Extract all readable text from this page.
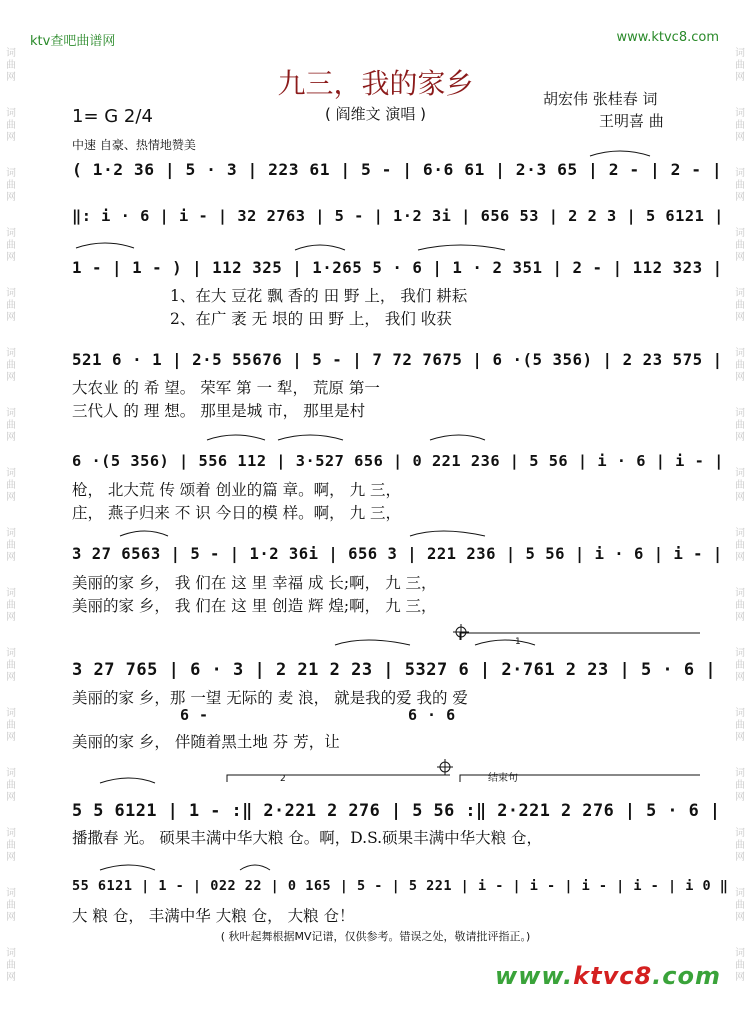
词
曲
网
词
曲
网
词
曲
网
词
曲
网
词
曲
网
词
曲
网
词
曲
网
词
曲
网
词
曲
网
词
曲
网
词
曲
网
词
曲
网
词
曲
网
词
曲
网
词
曲
网
词
曲
网
词
曲
网
词
曲
网
词
曲
网
词
曲
网
词
曲
网
词
曲
网
词
曲
网
词
曲
网
词
曲
网
词
曲
网
词
曲
网
词
曲
网
词
曲
网
词
曲
网
词
曲
网
词
曲
网
ktv查吧曲谱网	www.ktvc8.com
九三，我的家乡
( 阎维文 演唱 )
胡宏伟 张桂春 词
王明喜 曲
1= G 2/4
中速 自豪、热情地赞美
( 1·2 36 | 5 · 3 | 223 61 | 5 - | 6·6 61 | 2·3 65 | 2 - | 2 - |
‖: i · 6 | i - | 32 2763 | 5 - | 1·2 3i | 656 53 | 2 2 3 | 5 6121 |
1 - | 1 - ) | 112 325 | 1·265 5 · 6 | 1 · 2 351 | 2 - | 112 323 |
1、在大 豆花 飘 香的 田 野 上， 我们 耕耘
2、在广 袤 无 垠的 田 野 上， 我们 收获
521 6 · 1 | 2·5 55676 | 5 - | 7 72 7675 | 6 ·(5 356) | 2 23 575 |
大农业 的 希 望。 荣军 第 一 犁， 荒原 第一
三代人 的 理 想。 那里是城 市， 那里是村
6 ·(5 356) | 556 112 | 3·527 656 | 0 221 236 | 5 56 | i · 6 | i - |
枪， 北大荒 传 颂着 创业的篇 章。啊， 九 三，
庄， 燕子归来 不 识 今日的模 样。啊， 九 三，
3 27 6563 | 5 - | 1·2 36i | 656 3 | 221 236 | 5 56 | i · 6 | i - |
美丽的家 乡， 我 们在 这 里 幸福 成 长;啊， 九 三，
美丽的家 乡， 我 们在 这 里 创造 辉 煌;啊， 九 三，
3 27 765 | 6 · 3 | 2 21 2 23 | 5327 6 | 2·761 2 23 | 5 · 6 |
6 -	6 · 6
美丽的家 乡，那 一望 无际的 麦 浪， 就是我的爱 我的 爱
美丽的家 乡， 伴随着黑土地 芬 芳，让
5 5 6121 | 1 - :‖ 2·221 2 276 | 5 56 :‖ 2·221 2 276 | 5 · 6 |
播撒春 光。 硕果丰满中华大粮 仓。啊，D.S.硕果丰满中华大粮 仓，
55 6121 | 1 - | 022 22 | 0 165 | 5 - | 5 221 | i - | i - | i - | i - | i 0 ‖
大 粮 仓， 丰满中华 大粮 仓， 大粮 仓！
1
2	结束句
( 秋叶起舞根据MV记谱，仅供参考。错误之处，敬请批评指正。)
www.ktvc8.com
